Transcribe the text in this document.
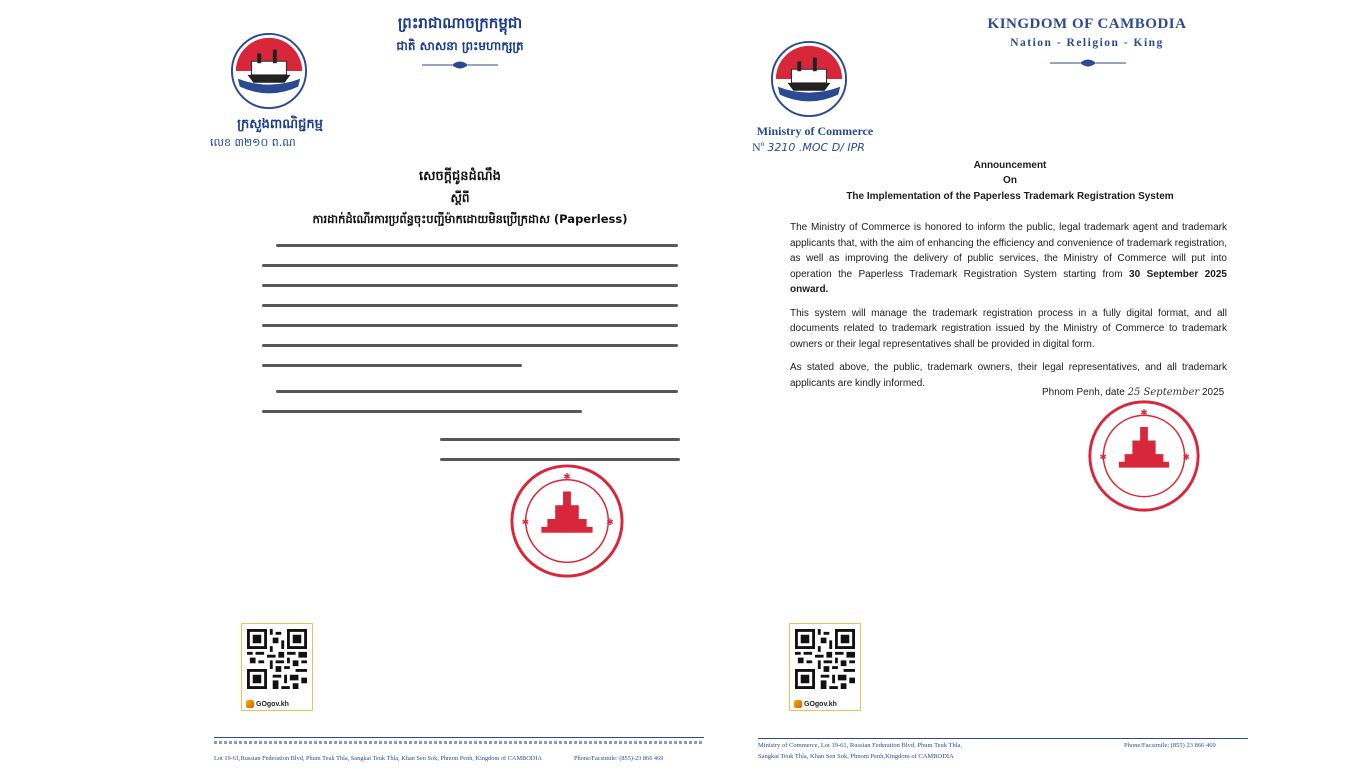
ក្រសួងពាណិជ្ជកម្ម
លេខ ៣២១០ ព.ណ
ព្រះរាជាណាចក្រកម្ពុជា
ជាតិ សាសនា ព្រះមហាក្សត្រ
សេចក្តីជូនដំណឹង
ស្តីពី
ការដាក់ដំណើរការប្រព័ន្ធចុះបញ្ជីម៉ាកដោយមិនប្រើក្រដាស (Paperless)
✱
✱	✱
GOgov.kh
Lot 19-61,Russian Federation Blvd, Phum Teuk Thla, Sangkat Teuk Thla, Khan Sen Sok, Phnom Penh, Kingdom of CAMBODIA	Phone/Facsimile: (855)-23 866 469
KINGDOM OF CAMBODIA
Nation - Religion - King
Ministry of Commerce
Nº 3210 .MOC D/ IPR
Announcement
On
The Implementation of the Paperless Trademark Registration System

The Ministry of Commerce is honored to inform the public, legal trademark agent and trademark applicants that, with the aim of enhancing the efficiency and convenience of trademark registration, as well as improving the delivery of public services, the Ministry of Commerce will put into operation the Paperless Trademark Registration System starting from 30 September 2025 onward.

This system will manage the trademark registration process in a fully digital format, and all documents related to trademark registration issued by the Ministry of Commerce to trademark owners or their legal representatives shall be provided in digital form.

As stated above, the public, trademark owners, their legal representatives, and all trademark applicants are kindly informed.

Phnom Penh, date 25 September 2025
✱
✱	✱
GOgov.kh
Ministry of Commerce, Lot 19-61, Russian Federation Blvd, Phum Teuk Thla,
Sangkat Teuk Thla, Khan Sen Sok, Phnom Penh,Kingdom of CAMBODIA
Phone/Facsimile: (855) 23 866 469
